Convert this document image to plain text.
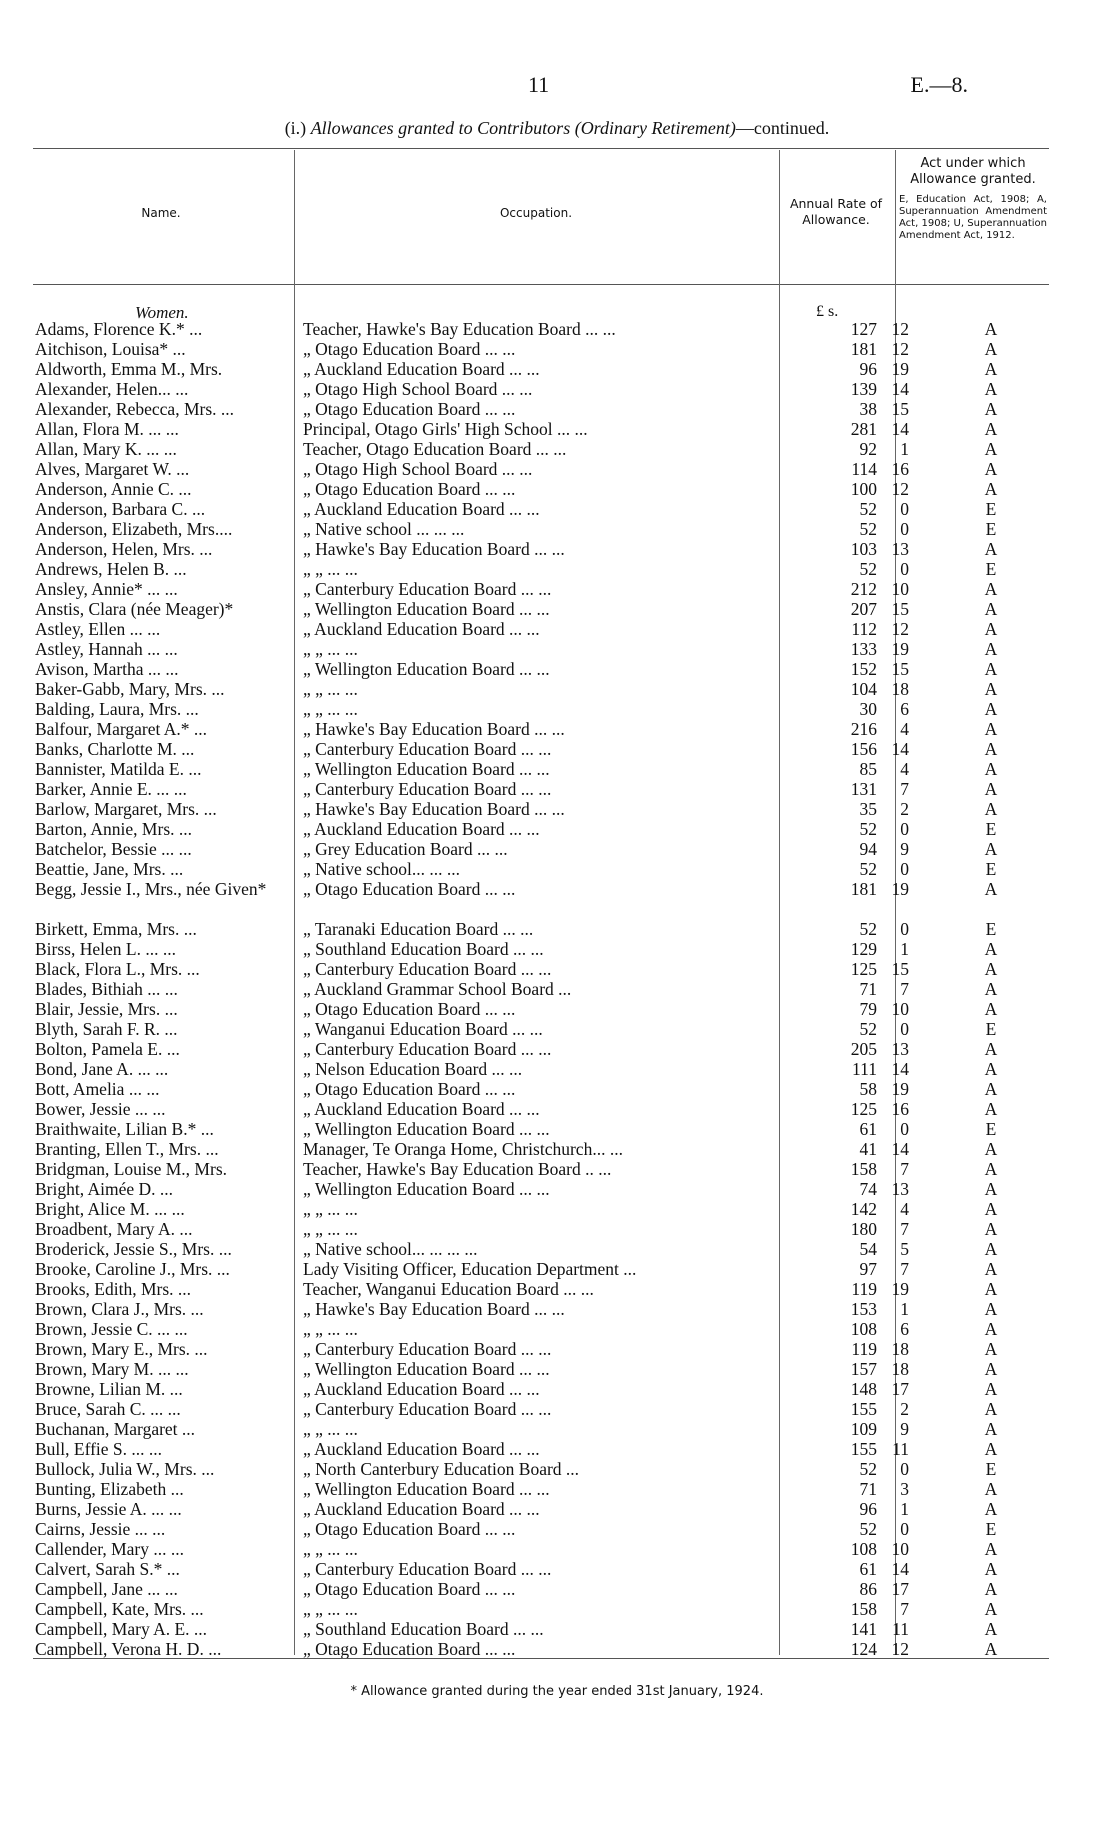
11	E.—8.
(i.) Allowances granted to Contributors (Ordinary Retirement)—continued.
Name.	Occupation.
Annual Rate of Allowance.
Act under which Allowance granted.
E, Education Act, 1908; A, Superannuation Amendment Act, 1908; U, Superannuation Amendment Act, 1912.
Women.	£ s.
Adams, Florence K.* ...	Teacher, Hawke's Bay Education Board ... ...	127 12	A
Aitchison, Louisa* ...	„ Otago Education Board ... ...	181 12	A
Aldworth, Emma M., Mrs.	„ Auckland Education Board ... ...	96 19	A
Alexander, Helen... ...	„ Otago High School Board ... ...	139 14	A
Alexander, Rebecca, Mrs. ...	„ Otago Education Board ... ...	38 15	A
Allan, Flora M. ... ...	Principal, Otago Girls' High School ... ...	281 14	A
Allan, Mary K. ... ...	Teacher, Otago Education Board ... ...	92	1	A
Alves, Margaret W. ...	„ Otago High School Board ... ...	114 16	A
Anderson, Annie C. ...	„ Otago Education Board ... ...	100 12	A
Anderson, Barbara C. ...	„ Auckland Education Board ... ...	52	0	E
Anderson, Elizabeth, Mrs....	„ Native school ... ... ...	52	0	E
Anderson, Helen, Mrs. ...	„ Hawke's Bay Education Board ... ...	103 13	A
Andrews, Helen B. ...	„ „ ... ...	52	0	E
Ansley, Annie* ... ...	„ Canterbury Education Board ... ...	212 10	A
Anstis, Clara (née Meager)*	„ Wellington Education Board ... ...	207 15	A
Astley, Ellen ... ...	„ Auckland Education Board ... ...	112 12	A
Astley, Hannah ... ...	„ „ ... ...	133 19	A
Avison, Martha ... ...	„ Wellington Education Board ... ...	152 15	A
Baker-Gabb, Mary, Mrs. ...	„ „ ... ...	104 18	A
Balding, Laura, Mrs. ...	„ „ ... ...	30	6	A
Balfour, Margaret A.* ...	„ Hawke's Bay Education Board ... ...	216	4	A
Banks, Charlotte M. ...	„ Canterbury Education Board ... ...	156 14	A
Bannister, Matilda E. ...	„ Wellington Education Board ... ...	85	4	A
Barker, Annie E. ... ...	„ Canterbury Education Board ... ...	131	7	A
Barlow, Margaret, Mrs. ...	„ Hawke's Bay Education Board ... ...	35	2	A
Barton, Annie, Mrs. ...	„ Auckland Education Board ... ...	52	0	E
Batchelor, Bessie ... ...	„ Grey Education Board ... ...	94	9	A
Beattie, Jane, Mrs. ...	„ Native school... ... ...	52	0	E
Begg, Jessie I., Mrs., née Given*	„ Otago Education Board ... ...	181 19	A
Birkett, Emma, Mrs. ...	„ Taranaki Education Board ... ...	52	0	E
Birss, Helen L. ... ...	„ Southland Education Board ... ...	129	1	A
Black, Flora L., Mrs. ...	„ Canterbury Education Board ... ...	125 15	A
Blades, Bithiah ... ...	„ Auckland Grammar School Board ...	71	7	A
Blair, Jessie, Mrs. ...	„ Otago Education Board ... ...	79 10	A
Blyth, Sarah F. R. ...	„ Wanganui Education Board ... ...	52	0	E
Bolton, Pamela E. ...	„ Canterbury Education Board ... ...	205 13	A
Bond, Jane A. ... ...	„ Nelson Education Board ... ...	111 14	A
Bott, Amelia ... ...	„ Otago Education Board ... ...	58 19	A
Bower, Jessie ... ...	„ Auckland Education Board ... ...	125 16	A
Braithwaite, Lilian B.* ...	„ Wellington Education Board ... ...	61	0	E
Branting, Ellen T., Mrs. ...	Manager, Te Oranga Home, Christchurch... ...	41 14	A
Bridgman, Louise M., Mrs.	Teacher, Hawke's Bay Education Board .. ...	158	7	A
Bright, Aimée D. ...	„ Wellington Education Board ... ...	74 13	A
Bright, Alice M. ... ...	„ „ ... ...	142	4	A
Broadbent, Mary A. ...	„ „ ... ...	180	7	A
Broderick, Jessie S., Mrs. ...	„ Native school... ... ... ...	54	5	A
Brooke, Caroline J., Mrs. ...	Lady Visiting Officer, Education Department ...	97	7	A
Brooks, Edith, Mrs. ...	Teacher, Wanganui Education Board ... ...	119 19	A
Brown, Clara J., Mrs. ...	„ Hawke's Bay Education Board ... ...	153	1	A
Brown, Jessie C. ... ...	„ „ ... ...	108	6	A
Brown, Mary E., Mrs. ...	„ Canterbury Education Board ... ...	119 18	A
Brown, Mary M. ... ...	„ Wellington Education Board ... ...	157 18	A
Browne, Lilian M. ...	„ Auckland Education Board ... ...	148 17	A
Bruce, Sarah C. ... ...	„ Canterbury Education Board ... ...	155	2	A
Buchanan, Margaret ...	„ „ ... ...	109	9	A
Bull, Effie S. ... ...	„ Auckland Education Board ... ...	155 11	A
Bullock, Julia W., Mrs. ...	„ North Canterbury Education Board ...	52	0	E
Bunting, Elizabeth ...	„ Wellington Education Board ... ...	71	3	A
Burns, Jessie A. ... ...	„ Auckland Education Board ... ...	96	1	A
Cairns, Jessie ... ...	„ Otago Education Board ... ...	52	0	E
Callender, Mary ... ...	„ „ ... ...	108 10	A
Calvert, Sarah S.* ...	„ Canterbury Education Board ... ...	61 14	A
Campbell, Jane ... ...	„ Otago Education Board ... ...	86 17	A
Campbell, Kate, Mrs. ...	„ „ ... ...	158	7	A
Campbell, Mary A. E. ...	„ Southland Education Board ... ...	141 11	A
Campbell, Verona H. D. ...	„ Otago Education Board ... ...	124 12	A
* Allowance granted during the year ended 31st January, 1924.
